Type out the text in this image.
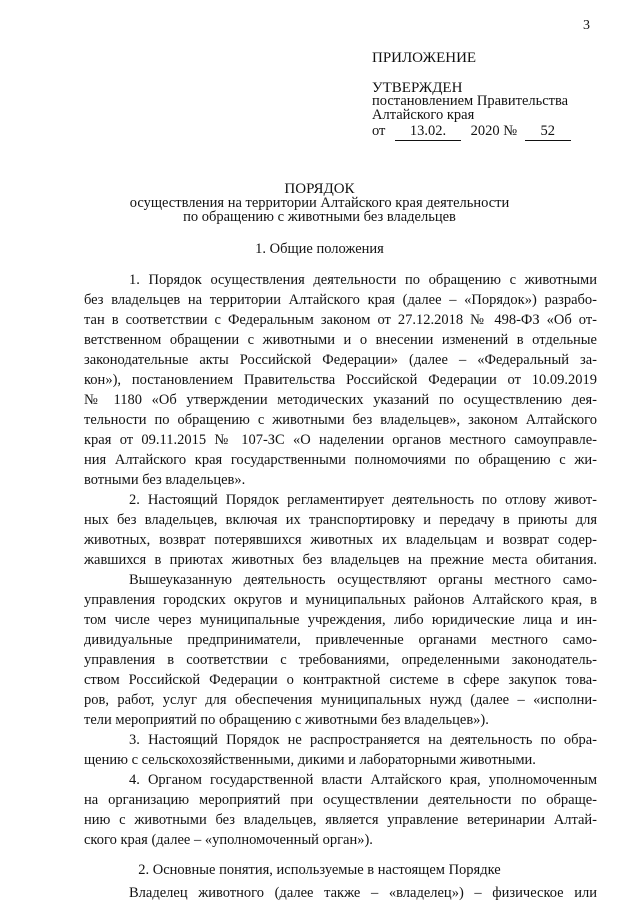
3
ПРИЛОЖЕНИЕ
УТВЕРЖДЕН
постановлением Правительства
Алтайского края
от 13.02. 2020 № 52
ПОРЯДОК
осуществления на территории Алтайского края деятельности
по обращению с животными без владельцев
1. Общие положения
1. Порядок осуществления деятельности по обращению с животными
без владельцев на территории Алтайского края (далее – «Порядок») разрабо-
тан в соответствии с Федеральным законом от 27.12.2018 № 498-ФЗ «Об от-
ветственном обращении с животными и о внесении изменений в отдельные
законодательные акты Российской Федерации» (далее – «Федеральный за-
кон»), постановлением Правительства Российской Федерации от 10.09.2019
№ 1180 «Об утверждении методических указаний по осуществлению дея-
тельности по обращению с животными без владельцев», законом Алтайского
края от 09.11.2015 № 107-ЗС «О наделении органов местного самоуправле-
ния Алтайского края государственными полномочиями по обращению с жи-
вотными без владельцев».
2. Настоящий Порядок регламентирует деятельность по отлову живот-
ных без владельцев, включая их транспортировку и передачу в приюты для
животных, возврат потерявшихся животных их владельцам и возврат содер-
жавшихся в приютах животных без владельцев на прежние места обитания.
Вышеуказанную деятельность осуществляют органы местного само-
управления городских округов и муниципальных районов Алтайского края, в
том числе через муниципальные учреждения, либо юридические лица и ин-
дивидуальные предприниматели, привлеченные органами местного само-
управления в соответствии с требованиями, определенными законодатель-
ством Российской Федерации о контрактной системе в сфере закупок това-
ров, работ, услуг для обеспечения муниципальных нужд (далее – «исполни-
тели мероприятий по обращению с животными без владельцев»).
3. Настоящий Порядок не распространяется на деятельность по обра-
щению с сельскохозяйственными, дикими и лабораторными животными.
4. Органом государственной власти Алтайского края, уполномоченным
на организацию мероприятий при осуществлении деятельности по обраще-
нию с животными без владельцев, является управление ветеринарии Алтай-
ского края (далее – «уполномоченный орган»).
2. Основные понятия, используемые в настоящем Порядке
Владелец животного (далее также – «владелец») – физическое или
